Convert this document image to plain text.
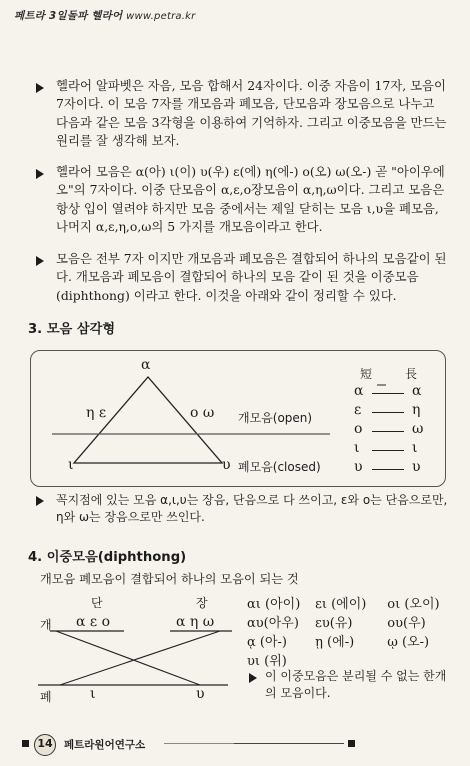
페트라 3일돌파 헬라어 www.petra.kr
헬라어 알파벳은 자음, 모음 합해서 24자이다. 이중 자음이 17자, 모음이 7자이다. 이 모음 7자를 개모음과 폐모음, 단모음과 장모음으로 나누고 다음과 같은 모음 3각형을 이용하여 기억하자. 그리고 이중모음을 만드는 원리를 잘 생각해 보자.
헬라어 모음은 α(아) ι(이) υ(우) ε(에) η(에-) ο(오) ω(오-) 곧 "아이우에오"의 7자이다. 이중 단모음이 α,ε,ο장모음이 α,η,ω이다. 그리고 모음은 항상 입이 열려야 하지만 모음 중에서는 제일 닫히는 모음 ι,υ을 폐모음, 나머지 α,ε,η,ο,ω의 5 가지를 개모음이라고 한다.
모음은 전부 7자 이지만 개모음과 폐모음은 결합되어 하나의 모음같이 된다. 개모음과 폐모음이 결합되어 하나의 모음 같이 된 것을 이중모음(diphthong) 이라고 한다. 이것을 아래와 같이 정리할 수 있다.
3. 모음 삼각형
α
η ε	ο ω
ι	υ
개모음(open)
폐모음(closed)
短	長
α	α
ε	η
ο	ω
ι	ι
υ	υ
꼭지점에 있는 모음 α,ι,υ는 장음, 단음으로 다 쓰이고, ε와 ο는 단음으로만, η와 ω는 장음으로만 쓰인다.
4. 이중모음(diphthong)
개모음 폐모음이 결합되어 하나의 모음이 되는 것
단	장
개 α ε ο	α η ω
폐	ι	υ
αι (아이) ει (에이) οι (오이)
αυ(아우) ευ(유)	ου(우)
ᾳ (아-) ῃ (에-)	ῳ (오-)
υι (위)
이 이중모음은 분리될 수 없는 한개의 모음이다.
14	페트라원어연구소
